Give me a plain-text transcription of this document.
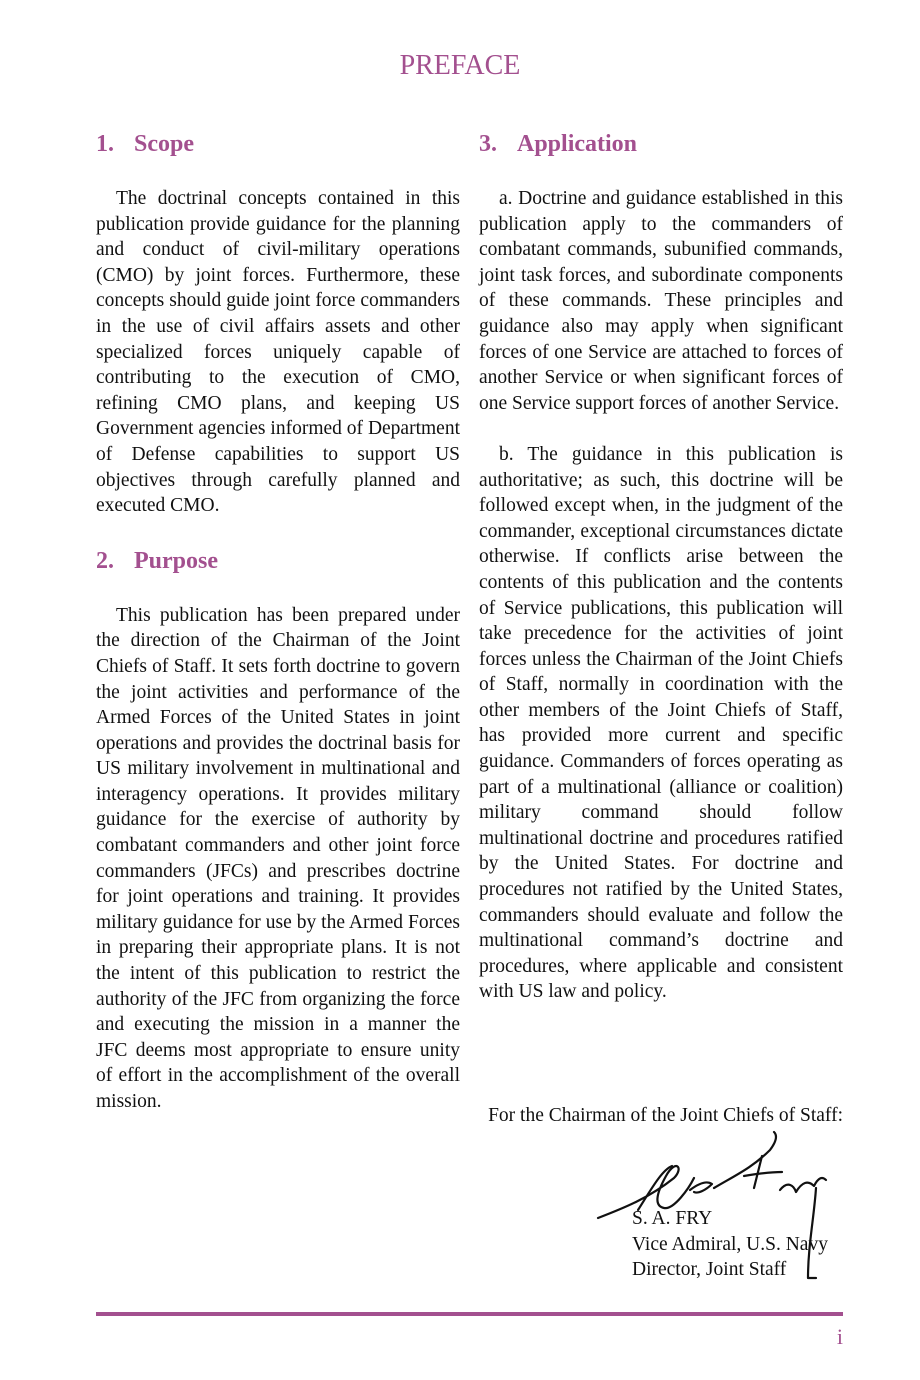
PREFACE
1. Scope

The doctrinal concepts contained in this publication provide guidance for the planning and conduct of civil-military operations (CMO) by joint forces. Furthermore, these concepts should guide joint force commanders in the use of civil affairs assets and other specialized forces uniquely capable of contributing to the execution of CMO, refining CMO plans, and keeping US Government agencies informed of Department of Defense capabilities to support US objectives through carefully planned and executed CMO.

2. Purpose

This publication has been prepared under the direction of the Chairman of the Joint Chiefs of Staff. It sets forth doctrine to govern the joint activities and performance of the Armed Forces of the United States in joint operations and provides the doctrinal basis for US military involvement in multinational and interagency operations. It provides military guidance for the exercise of authority by combatant commanders and other joint force commanders (JFCs) and prescribes doctrine for joint operations and training. It provides military guidance for use by the Armed Forces in preparing their appropriate plans. It is not the intent of this publication to restrict the authority of the JFC from organizing the force and executing the mission in a manner the JFC deems most appropriate to ensure unity of effort in the accomplishment of the overall mission.

3. Application

a. Doctrine and guidance established in this publication apply to the commanders of combatant commands, subunified commands, joint task forces, and subordinate components of these commands. These principles and guidance also may apply when significant forces of one Service are attached to forces of another Service or when significant forces of one Service support forces of another Service.

b. The guidance in this publication is authoritative; as such, this doctrine will be followed except when, in the judgment of the commander, exceptional circumstances dictate otherwise. If conflicts arise between the contents of this publication and the contents of Service publications, this publication will take precedence for the activities of joint forces unless the Chairman of the Joint Chiefs of Staff, normally in coordination with the other members of the Joint Chiefs of Staff, has provided more current and specific guidance. Commanders of forces operating as part of a multinational (alliance or coalition) military command should follow multinational doctrine and procedures ratified by the United States. For doctrine and procedures not ratified by the United States, commanders should evaluate and follow the multinational command’s doctrine and procedures, where applicable and consistent with US law and policy.

For the Chairman of the Joint Chiefs of Staff:
S. A. FRY
Vice Admiral, U.S. Navy
Director, Joint Staff
i
